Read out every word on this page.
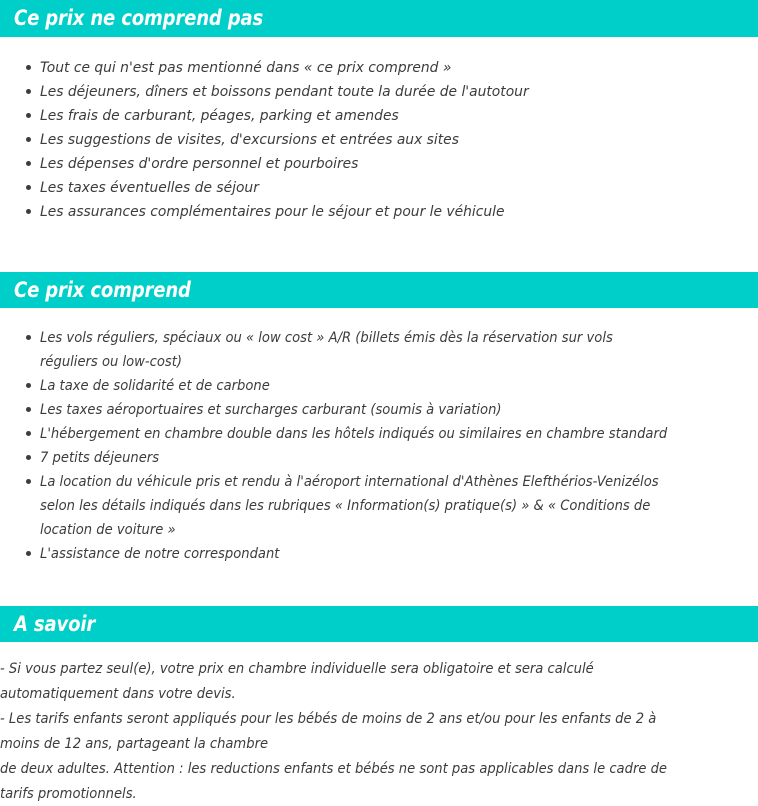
Ce prix ne comprend pas
Tout ce qui n'est pas mentionné dans « ce prix comprend »
Les déjeuners, dîners et boissons pendant toute la durée de l'autotour
Les frais de carburant, péages, parking et amendes
Les suggestions de visites, d'excursions et entrées aux sites
Les dépenses d'ordre personnel et pourboires
Les taxes éventuelles de séjour
Les assurances complémentaires pour le séjour et pour le véhicule
Ce prix comprend
Les vols réguliers, spéciaux ou « low cost » A/R (billets émis dès la réservation sur vols réguliers ou low-cost)
La taxe de solidarité et de carbone
Les taxes aéroportuaires et surcharges carburant (soumis à variation)
L'hébergement en chambre double dans les hôtels indiqués ou similaires en chambre standard
7 petits déjeuners
La location du véhicule pris et rendu à l'aéroport international d'Athènes Elefthérios-Venizélos selon les détails indiqués dans les rubriques « Information(s) pratique(s) » & « Conditions de location de voiture »
L'assistance de notre correspondant
A savoir

- Si vous partez seul(e), votre prix en chambre individuelle sera obligatoire et sera calculé automatiquement dans votre devis.

- Les tarifs enfants seront appliqués pour les bébés de moins de 2 ans et/ou pour les enfants de 2 à moins de 12 ans, partageant la chambre

de deux adultes. Attention : les reductions enfants et bébés ne sont pas applicables dans le cadre de tarifs promotionnels.
